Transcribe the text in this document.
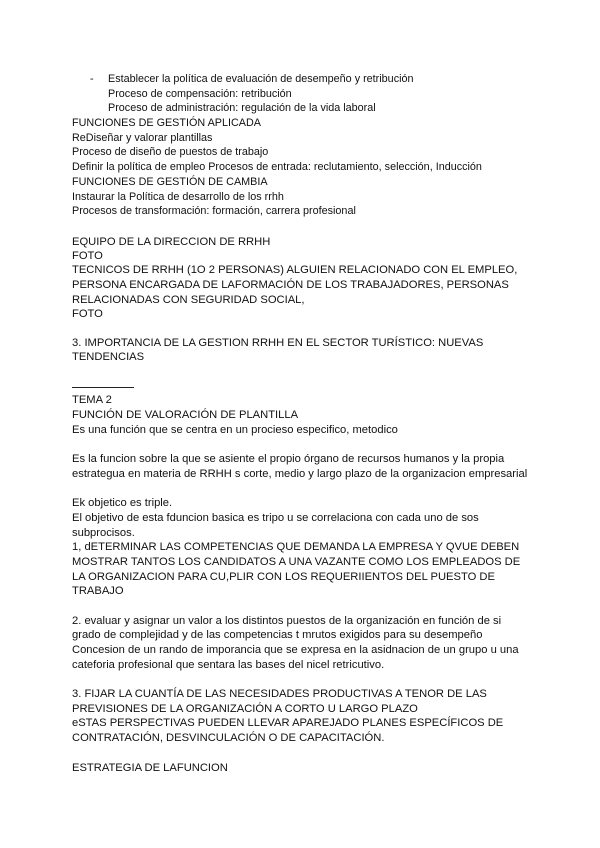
- Establecer la política de evaluación de desempeño y retribución
Proceso de compensación: retribución
Proceso de administración: regulación de la vida laboral
FUNCIONES DE GESTIÓN APLICADA
ReDiseñar y valorar plantillas
Proceso de diseño de puestos de trabajo
Definir la política de empleo Procesos de entrada: reclutamiento, selección, Inducción
FUNCIONES DE GESTIÓN DE CAMBIA
Instaurar la Política de desarrollo de los rrhh
Procesos de transformación: formación, carrera profesional
EQUIPO DE LA DIRECCION DE RRHH
FOTO
TECNICOS DE RRHH (1O 2 PERSONAS) ALGUIEN RELACIONADO CON EL EMPLEO,
PERSONA ENCARGADA DE LAFORMACIÓN DE LOS TRABAJADORES, PERSONAS
RELACIONADAS CON SEGURIDAD SOCIAL,
FOTO
3. IMPORTANCIA DE LA GESTION RRHH EN EL SECTOR TURÍSTICO: NUEVAS
TENDENCIAS
TEMA 2
FUNCIÓN DE VALORACIÓN DE PLANTILLA
Es una función que se centra en un procieso especifico, metodico
Es la funcion sobre la que se asiente el propio órgano de recursos humanos y la propia
estrategua en materia de RRHH s corte, medio y largo plazo de la organizacion empresarial
Ek objetico es triple.
El objetivo de esta fduncion basica es tripo u se correlaciona con cada uno de sos
subprocisos.
1, dETERMINAR LAS COMPETENCIAS QUE DEMANDA LA EMPRESA Y QVUE DEBEN
MOSTRAR TANTOS LOS CANDIDATOS A UNA VAZANTE COMO LOS EMPLEADOS DE
LA ORGANIZACION PARA CU,PLIR CON LOS REQUERIIENTOS DEL PUESTO DE
TRABAJO
2. evaluar y asignar un valor a los distintos puestos de la organización en función de si
grado de complejidad y de las competencias t mrutos exigidos para su desempeño
Concesion de un rando de imporancia que se expresa en la asidnacion de un grupo u una
cateforia profesional que sentara las bases del nicel retricutivo.
3. FIJAR LA CUANTÍA DE LAS NECESIDADES PRODUCTIVAS A TENOR DE LAS
PREVISIONES DE LA ORGANIZACIÓN A CORTO U LARGO PLAZO
eSTAS PERSPECTIVAS PUEDEN LLEVAR APAREJADO PLANES ESPECÍFICOS DE
CONTRATACIÓN, DESVINCULACIÓN O DE CAPACITACIÓN.
ESTRATEGIA DE LAFUNCION
